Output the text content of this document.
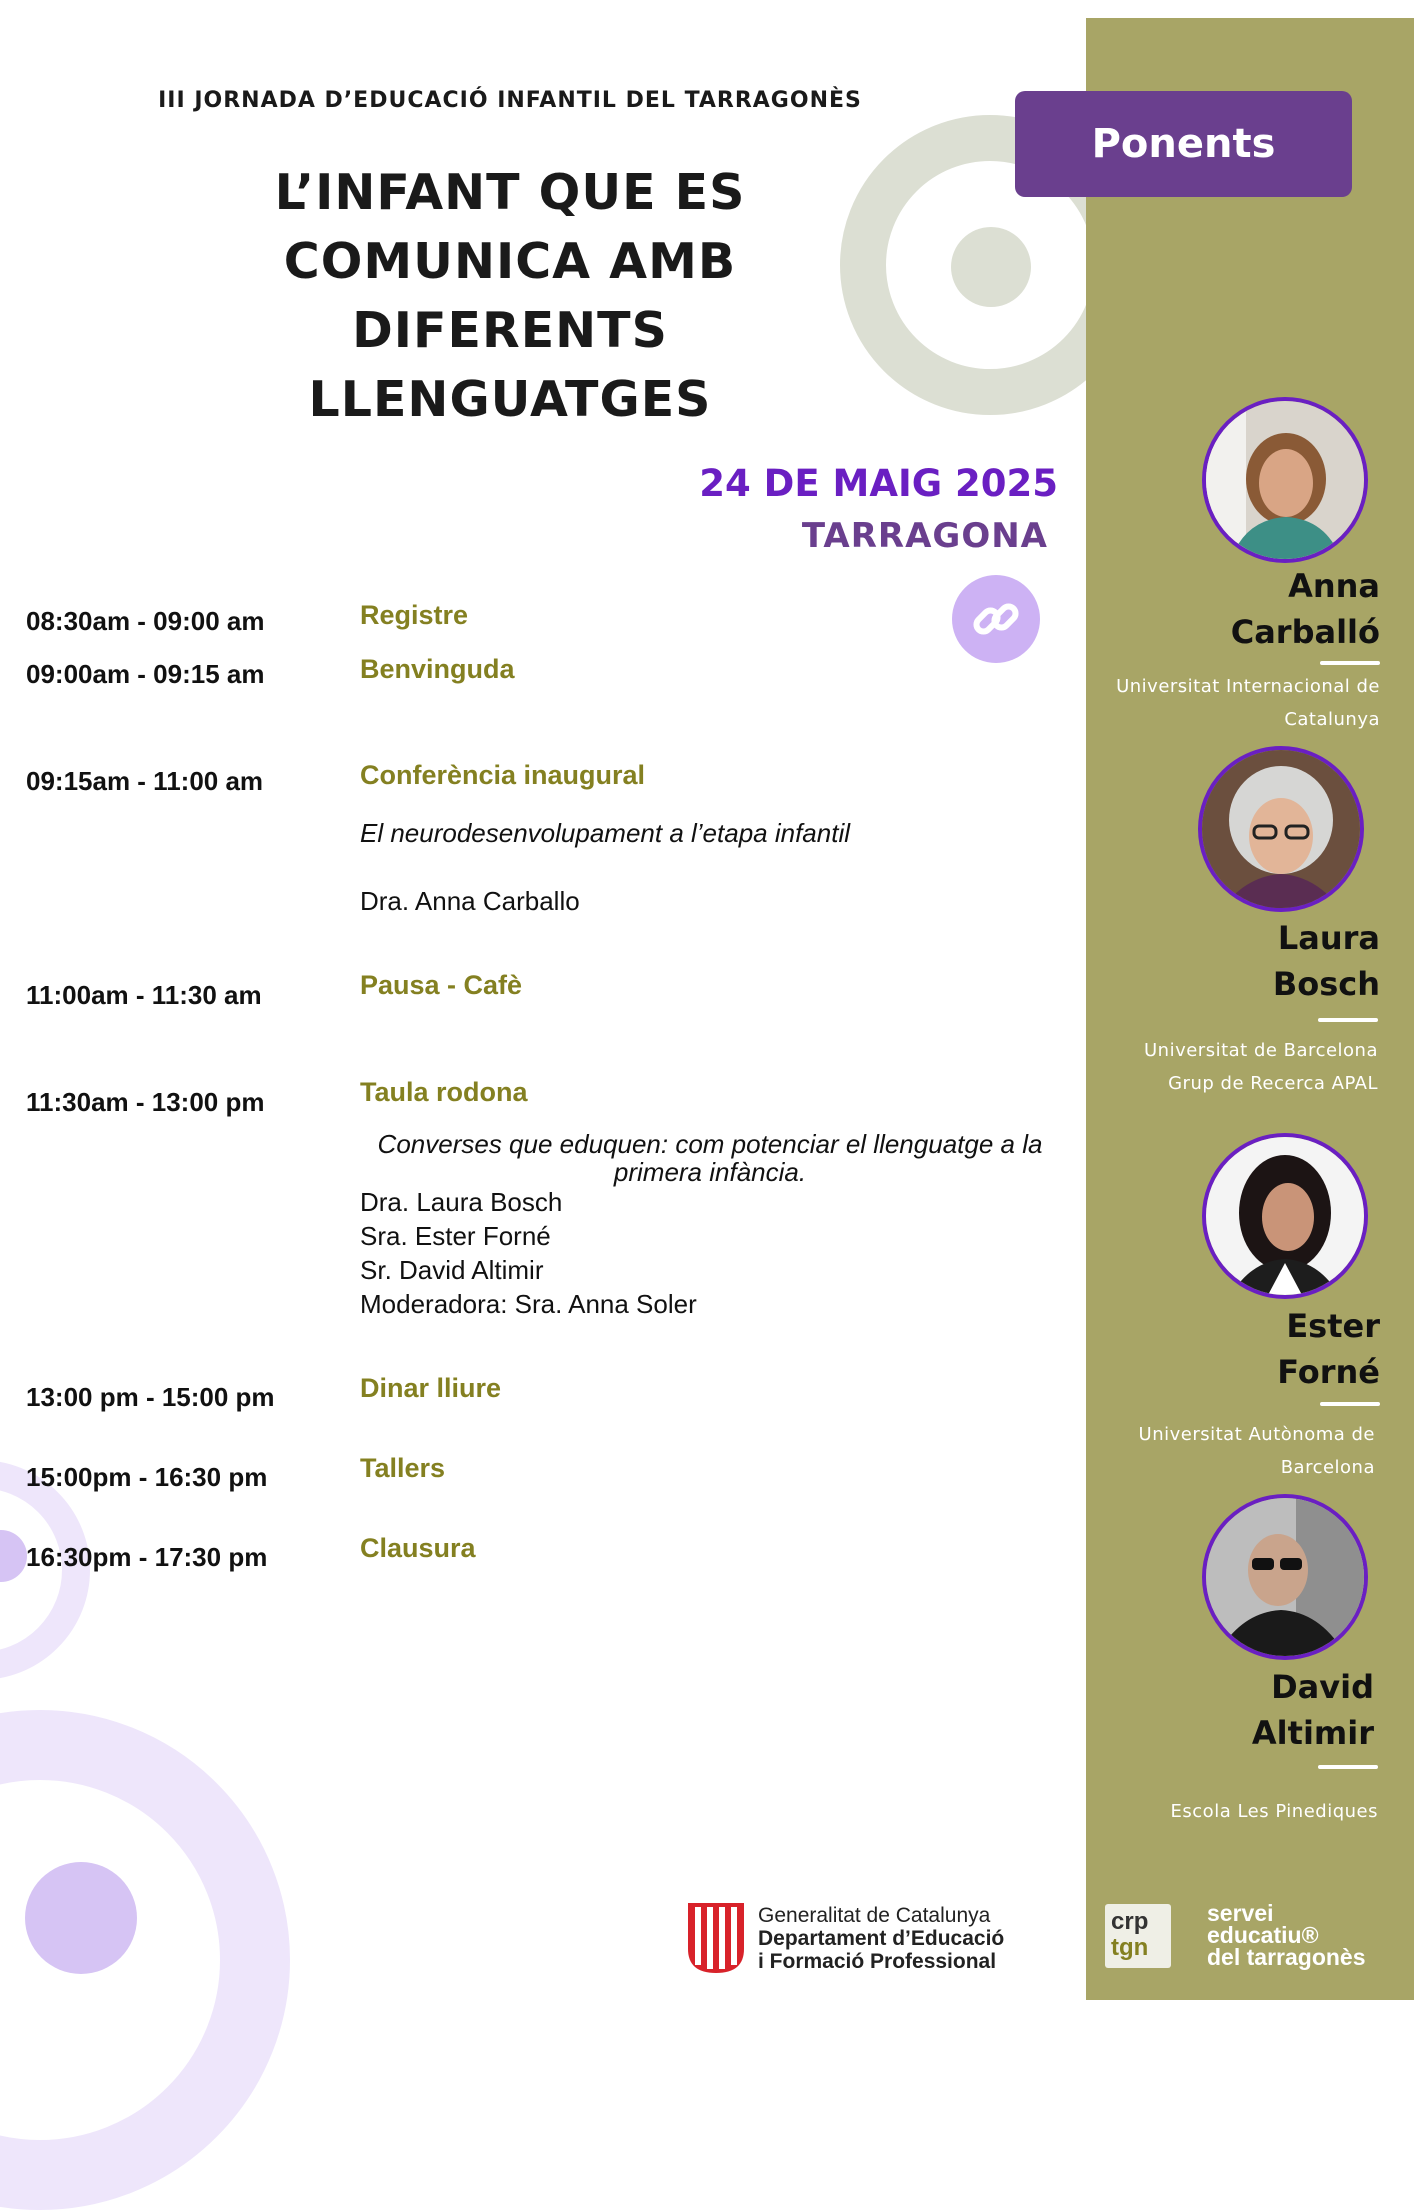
Ponents
III JORNADA D’EDUCACIÓ INFANTIL DEL TARRAGONÈS
L’INFANT QUE ES
COMUNICA AMB
DIFERENTS
LLENGUATGES
24 DE MAIG 2025
TARRAGONA
08:30am - 09:00 am	Registre
09:00am - 09:15 am	Benvinguda
09:15am - 11:00 am	Conferència inaugural
El neurodesenvolupament a l’etapa infantil
Dra. Anna Carballo
11:00am - 11:30 am	Pausa - Cafè
11:30am - 13:00 pm	Taula rodona
Converses que eduquen: com potenciar el llenguatge a la primera infància.
Dra. Laura Bosch
Sra. Ester Forné
Sr. David Altimir
Moderadora: Sra. Anna Soler
13:00 pm - 15:00 pm	Dinar lliure
15:00pm - 16:30 pm	Tallers
16:30pm - 17:30 pm	Clausura
Anna
Carballó
Universitat Internacional de
Catalunya
Laura
Bosch
Universitat de Barcelona
Grup de Recerca APAL
Ester
Forné
Universitat Autònoma de
Barcelona
David
Altimir
Escola Les Pinediques
Generalitat de Catalunya
Departament d’Educació
i Formació Professional
crp
tgn
servei
educatiu®
del tarragonès
